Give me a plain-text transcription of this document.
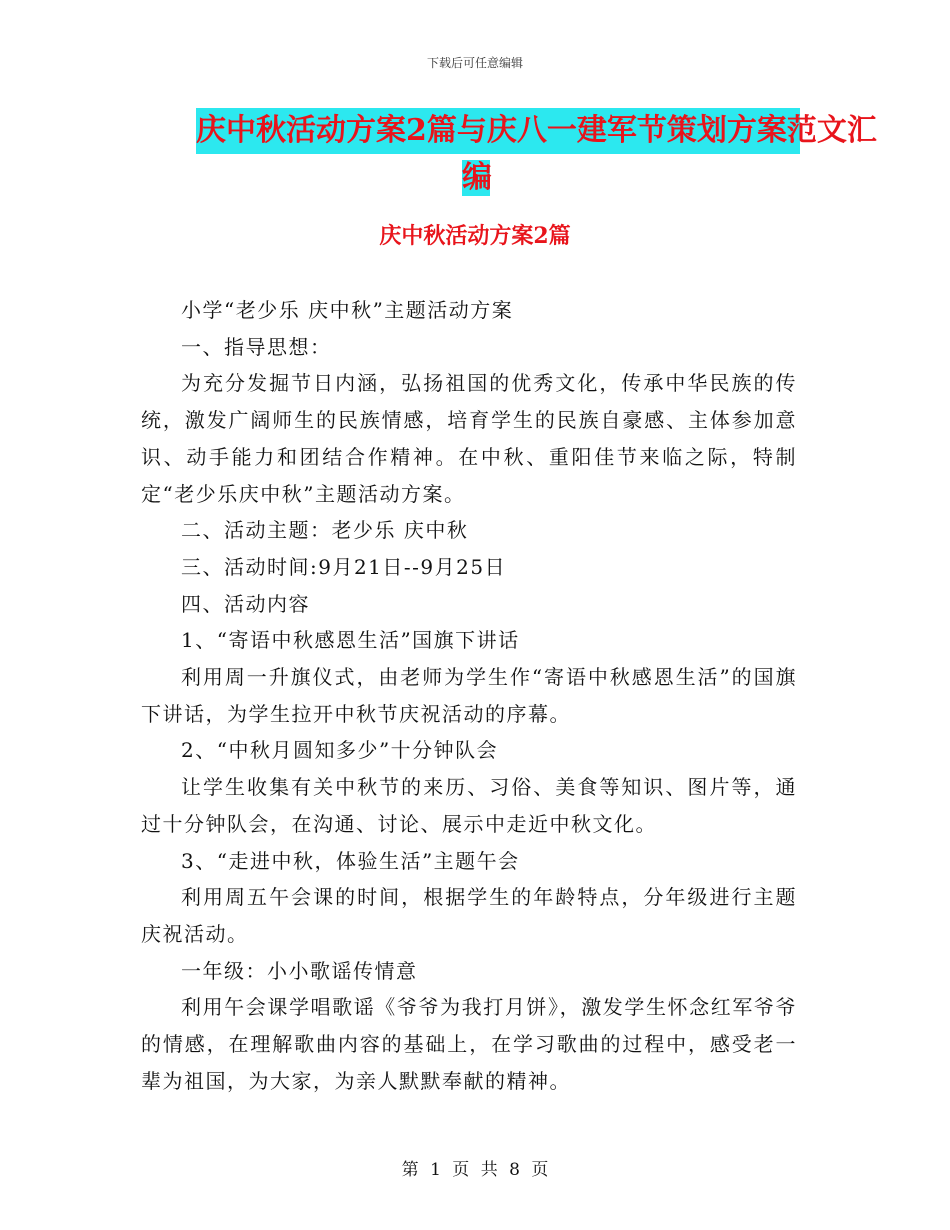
下载后可任意编辑
庆中秋活动方案2篇与庆八一建军节策划方案范文汇
编
庆中秋活动方案2篇

小学“老少乐 庆中秋”主题活动方案

一、指导思想：

为充分发掘节日内涵，弘扬祖国的优秀文化，传承中华民族的传统，激发广阔师生的民族情感，培育学生的民族自豪感、主体参加意识、动手能力和团结合作精神。在中秋、重阳佳节来临之际，特制定“老少乐庆中秋”主题活动方案。

二、活动主题：老少乐 庆中秋

三、活动时间:9月21日--9月25日

四、活动内容

1、“寄语中秋感恩生活”国旗下讲话

利用周一升旗仪式，由老师为学生作“寄语中秋感恩生活”的国旗下讲话，为学生拉开中秋节庆祝活动的序幕。

2、“中秋月圆知多少”十分钟队会

让学生收集有关中秋节的来历、习俗、美食等知识、图片等，通过十分钟队会，在沟通、讨论、展示中走近中秋文化。

3、“走进中秋，体验生活”主题午会

利用周五午会课的时间，根据学生的年龄特点，分年级进行主题庆祝活动。

一年级：小小歌谣传情意

利用午会课学唱歌谣《爷爷为我打月饼》，激发学生怀念红军爷爷的情感，在理解歌曲内容的基础上，在学习歌曲的过程中，感受老一辈为祖国，为大家，为亲人默默奉献的精神。

第 1 页 共 8 页
